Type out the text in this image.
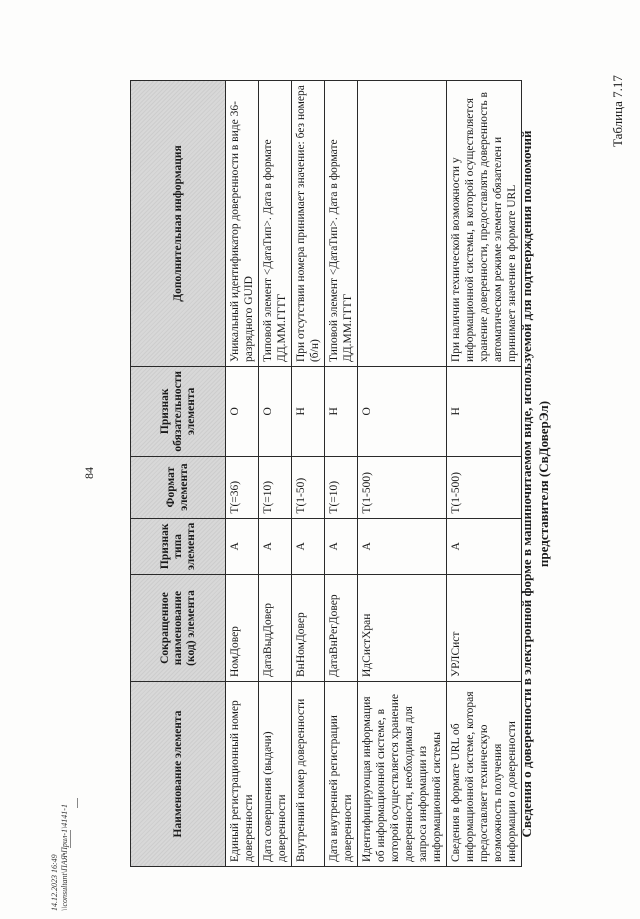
84
Таблица 7.17
Сведения о доверенности в электронной форме в машиночитаемом виде, используемой для подтверждения полномочий представителя (СвДоверЭл)
Наименование элемента	Сокращенное наименование (код) элемента	Признак типа элемента	Формат элемента	Признак обязательности элемента	Дополнительная информация
Единый регистрационный номер доверенности	НомДовер	А	Т(=36)	О	Уникальный идентификатор доверенности в виде 36-разрядного GUID
Дата совершения (выдачи) доверенности	ДатаВыдДовер	А	Т(=10)	О	Типовой элемент <ДатаТип>. Дата в формате ДД.ММ.ГГГГ
Внутренний номер доверенности	ВнНомДовер	А	Т(1-50)	Н	При отсутствии номера принимает значение: без номера (б/н)
Дата внутренней регистрации доверенности	ДатаВнРегДовер	А	Т(=10)	Н	Типовой элемент <ДатаТип>. Дата в формате ДД.ММ.ГГГГ
Идентифицирующая информация об информационной системе, в которой осуществляется хранение доверенности, необходимая для запроса информации из информационной системы	ИдСистХран	А	Т(1-500)	О	
Сведения в формате URL об информационной системе, которая предоставляет техническую возможность получения информации о доверенности	УРЛСист	А	Т(1-500)	Н	При наличии технической возможности у информационной системы, в которой осуществляется хранение доверенности, предоставлять доверенность в автоматическом режиме элемент обязателен и принимает значение в формате URL
14.12.2023 16:49 \\consultant\ПАЯ\Прил-1\4141-1
